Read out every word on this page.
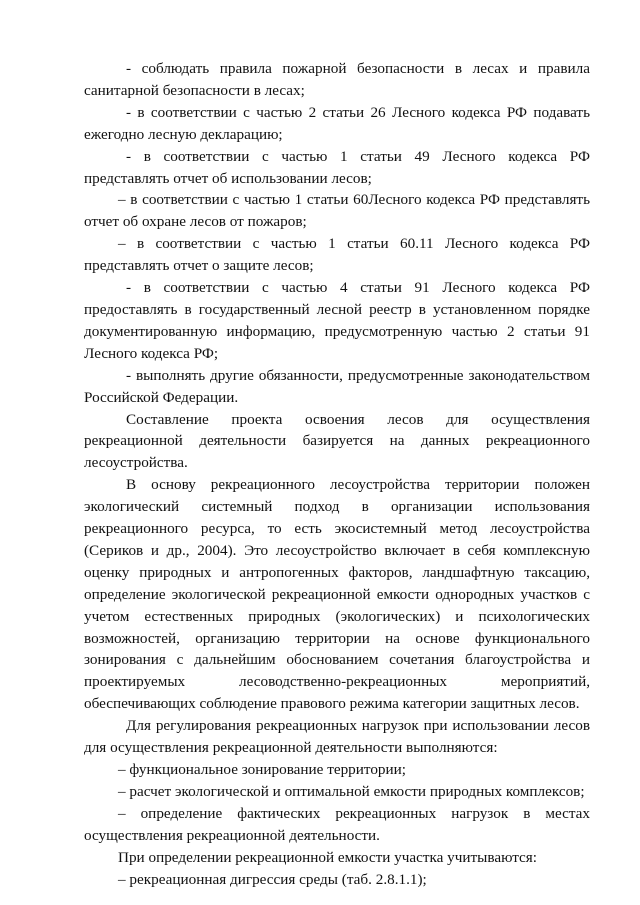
- соблюдать правила пожарной безопасности в лесах и правила санитарной безопасности в лесах;

- в соответствии с частью 2 статьи 26 Лесного кодекса РФ подавать ежегодно лесную декларацию;

- в соответствии с частью 1 статьи 49 Лесного кодекса РФ представлять отчет об использовании лесов;

– в соответствии с частью 1 статьи 60Лесного кодекса РФ представлять отчет об охране лесов от пожаров;

– в соответствии с частью 1 статьи 60.11 Лесного кодекса РФ представлять отчет о защите лесов;

- в соответствии с частью 4 статьи 91 Лесного кодекса РФ предоставлять в государственный лесной реестр в установленном порядке документированную информацию, предусмотренную частью 2 статьи 91 Лесного кодекса РФ;

- выполнять другие обязанности, предусмотренные законодательством Российской Федерации.

Составление проекта освоения лесов для осуществления рекреационной деятельности базируется на данных рекреационного лесоустройства.

В основу рекреационного лесоустройства территории положен экологический системный подход в организации использования рекреационного ресурса, то есть экосистемный метод лесоустройства (Сериков и др., 2004). Это лесоустройство включает в себя комплексную оценку природных и антропогенных факторов, ландшафтную таксацию, определение экологической рекреационной емкости однородных участков с учетом естественных природных (экологических) и психологических возможностей, организацию территории на основе функционального зонирования с дальнейшим обоснованием сочетания благоустройства и проектируемых лесоводственно-рекреационных мероприятий, обеспечивающих соблюдение правового режима категории защитных лесов.

Для регулирования рекреационных нагрузок при использовании лесов для осуществления рекреационной деятельности выполняются:

– функциональное зонирование территории;

– расчет экологической и оптимальной емкости природных комплексов;

– определение фактических рекреационных нагрузок в местах осуществления рекреационной деятельности.

При определении рекреационной емкости участка учитываются:

– рекреационная дигрессия среды (таб. 2.8.1.1);
